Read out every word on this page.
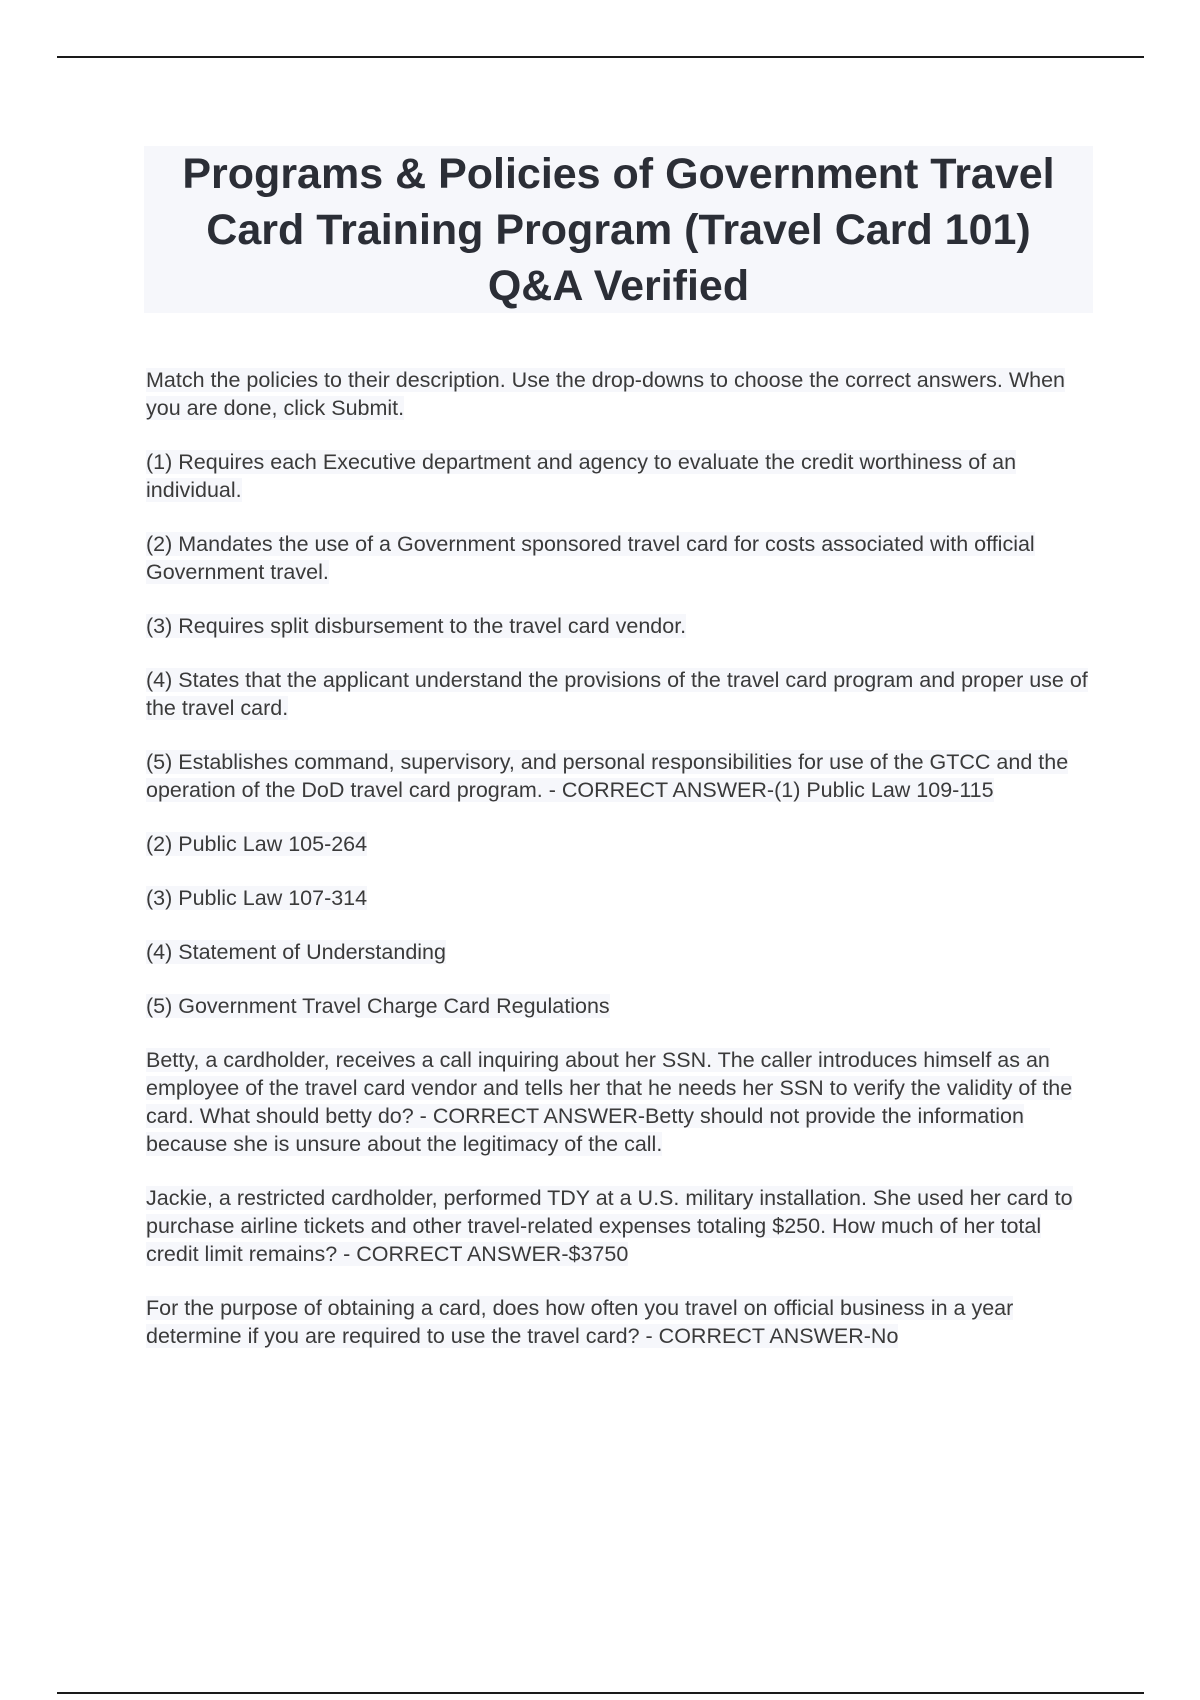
Programs & Policies of Government Travel Card Training Program (Travel Card 101) Q&A Verified

Match the policies to their description. Use the drop-downs to choose the correct answers. When you are done, click Submit.

(1) Requires each Executive department and agency to evaluate the credit worthiness of an individual.

(2) Mandates the use of a Government sponsored travel card for costs associated with official Government travel.

(3) Requires split disbursement to the travel card vendor.

(4) States that the applicant understand the provisions of the travel card program and proper use of the travel card.

(5) Establishes command, supervisory, and personal responsibilities for use of the GTCC and the operation of the DoD travel card program. - CORRECT ANSWER-(1) Public Law 109-115

(2) Public Law 105-264

(3) Public Law 107-314

(4) Statement of Understanding

(5) Government Travel Charge Card Regulations

Betty, a cardholder, receives a call inquiring about her SSN. The caller introduces himself as an employee of the travel card vendor and tells her that he needs her SSN to verify the validity of the card. What should betty do? - CORRECT ANSWER-Betty should not provide the information because she is unsure about the legitimacy of the call.

Jackie, a restricted cardholder, performed TDY at a U.S. military installation. She used her card to purchase airline tickets and other travel-related expenses totaling $250. How much of her total credit limit remains? - CORRECT ANSWER-$3750

For the purpose of obtaining a card, does how often you travel on official business in a year determine if you are required to use the travel card? - CORRECT ANSWER-No
